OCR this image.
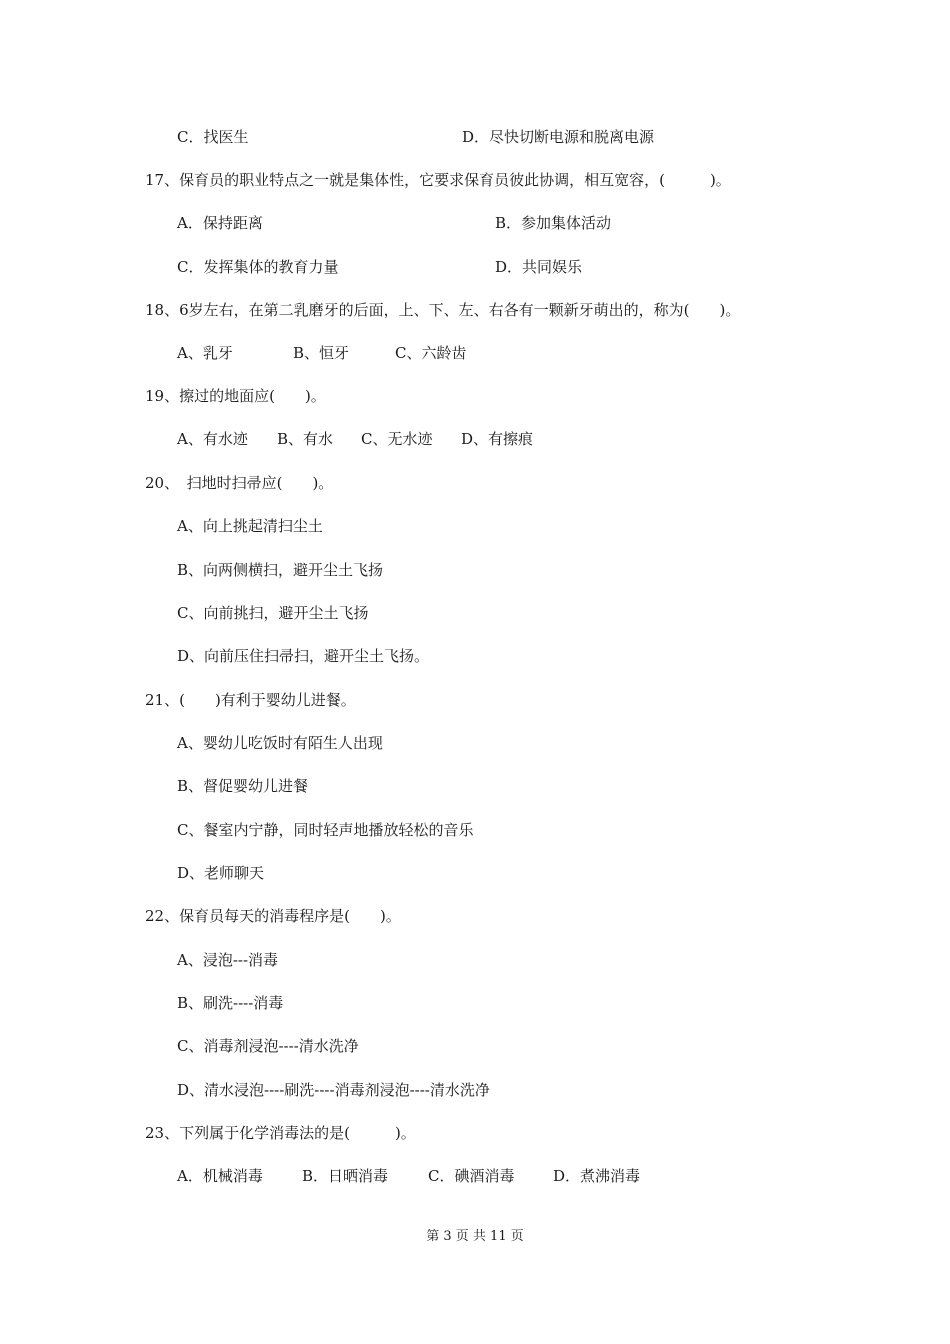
C．找医生	D．尽快切断电源和脱离电源
17、保育员的职业特点之一就是集体性，它要求保育员彼此协调，相互宽容，(　　　)。
A．保持距离	B．参加集体活动
C．发挥集体的教育力量	D．共同娱乐
18、6岁左右，在第二乳磨牙的后面，上、下、左、右各有一颗新牙萌出的，称为(　　)。
A、乳牙	B、恒牙	C、六龄齿
19、擦过的地面应(　　)。
A、有水迹 B、有水 C、无水迹 D、有擦痕
20、　扫地时扫帚应(　　)。
A、向上挑起清扫尘土
B、向两侧横扫，避开尘土飞扬
C、向前挑扫，避开尘土飞扬
D、向前压住扫帚扫，避开尘土飞扬。
21、(　　)有利于婴幼儿进餐。
A、婴幼儿吃饭时有陌生人出现
B、督促婴幼儿进餐
C、餐室内宁静，同时轻声地播放轻松的音乐
D、老师聊天
22、保育员每天的消毒程序是(　　)。
A、浸泡---消毒
B、刷洗----消毒
C、消毒剂浸泡----清水洗净
D、清水浸泡----刷洗----消毒剂浸泡----清水洗净
23、下列属于化学消毒法的是(　　　)。
A．机械消毒	B．日晒消毒	C．碘酒消毒	D．煮沸消毒
第 3 页 共 11 页
